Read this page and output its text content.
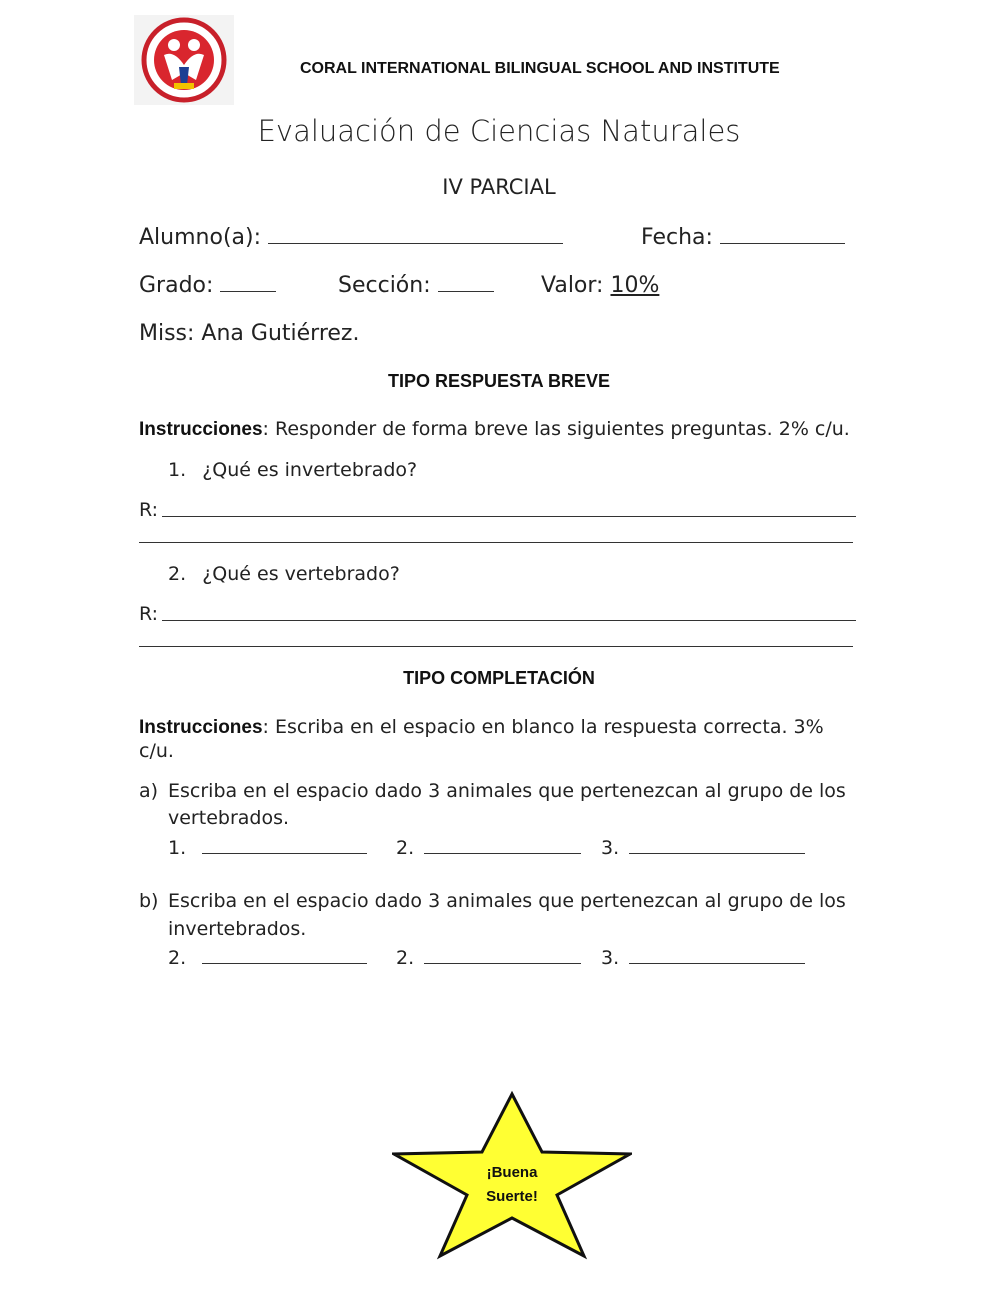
CORAL INTERNATIONAL BILINGUAL SCHOOL AND INSTITUTE
Evaluación de Ciencias Naturales
IV PARCIAL
Alumno(a):	Fecha:
Grado:	Sección:	Valor: 10%
Miss: Ana Gutiérrez.
TIPO RESPUESTA BREVE
Instrucciones: Responder de forma breve las siguientes preguntas. 2% c/u.
1. ¿Qué es invertebrado?
R:
2. ¿Qué es vertebrado?
R:
TIPO COMPLETACIÓN
Instrucciones: Escriba en el espacio en blanco la respuesta correcta. 3%
c/u.
a) Escriba en el espacio dado 3 animales que pertenezcan al grupo de los
vertebrados.
1.	2.	3.
b) Escriba en el espacio dado 3 animales que pertenezcan al grupo de los
invertebrados.
2.	2.	3.
¡Buena
Suerte!
